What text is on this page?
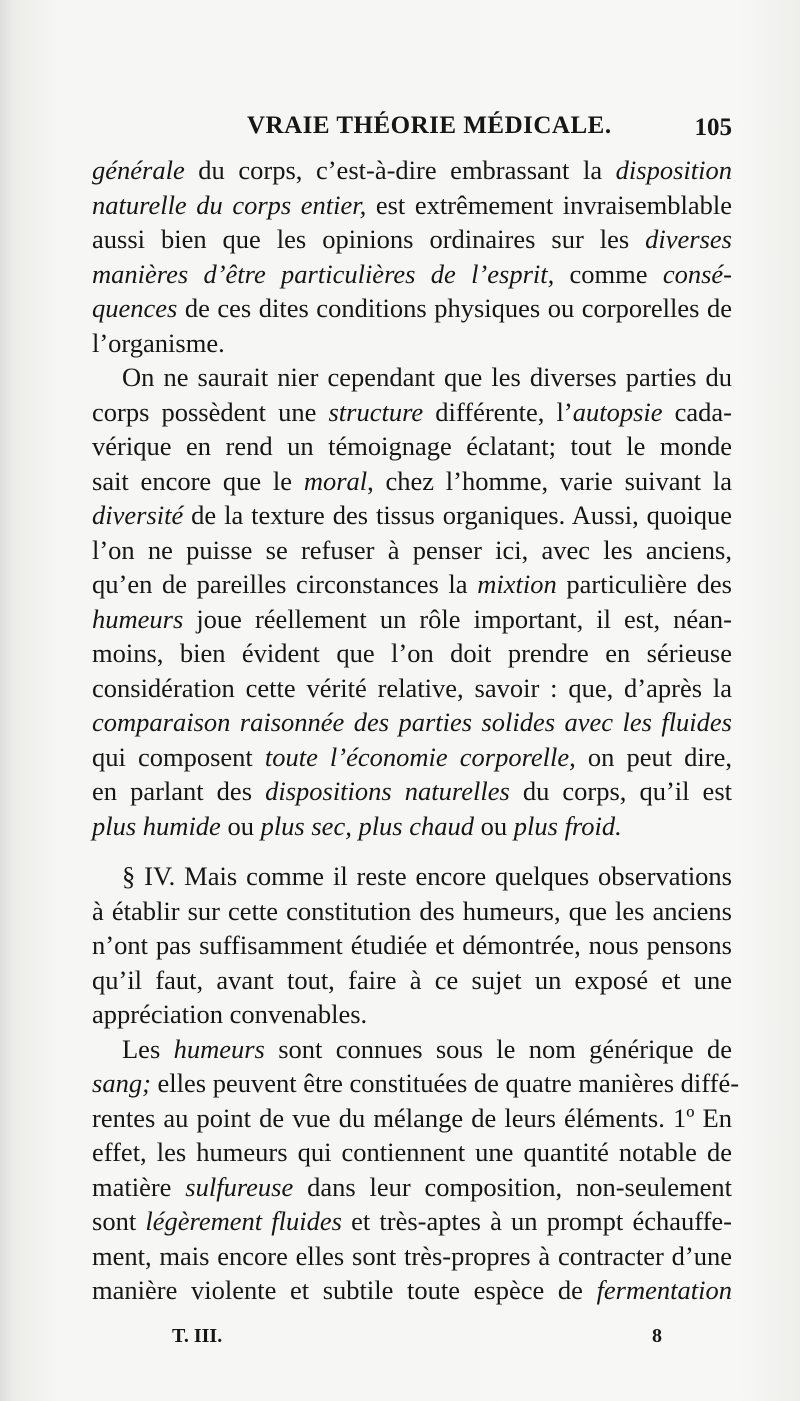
VRAIE THÉORIE MÉDICALE.	105
générale du corps, c’est-à-dire embrassant la disposition
naturelle du corps entier, est extrêmement invraisemblable
aussi bien que les opinions ordinaires sur les diverses
manières d’être particulières de l’esprit, comme consé-
quences de ces dites conditions physiques ou corporelles de
l’organisme.
On ne saurait nier cependant que les diverses parties du
corps possèdent une structure différente, l’autopsie cada-
vérique en rend un témoignage éclatant; tout le monde
sait encore que le moral, chez l’homme, varie suivant la
diversité de la texture des tissus organiques. Aussi, quoique
l’on ne puisse se refuser à penser ici, avec les anciens,
qu’en de pareilles circonstances la mixtion particulière des
humeurs joue réellement un rôle important, il est, néan-
moins, bien évident que l’on doit prendre en sérieuse
considération cette vérité relative, savoir : que, d’après la
comparaison raisonnée des parties solides avec les fluides
qui composent toute l’économie corporelle, on peut dire,
en parlant des dispositions naturelles du corps, qu’il est
plus humide ou plus sec, plus chaud ou plus froid.
§ IV. Mais comme il reste encore quelques observations
à établir sur cette constitution des humeurs, que les anciens
n’ont pas suffisamment étudiée et démontrée, nous pensons
qu’il faut, avant tout, faire à ce sujet un exposé et une
appréciation convenables.
Les humeurs sont connues sous le nom générique de
sang; elles peuvent être constituées de quatre manières diffé-
rentes au point de vue du mélange de leurs éléments. 1º En
effet, les humeurs qui contiennent une quantité notable de
matière sulfureuse dans leur composition, non-seulement
sont légèrement fluides et très-aptes à un prompt échauffe-
ment, mais encore elles sont très-propres à contracter d’une
manière violente et subtile toute espèce de fermentation
T. III.	8
